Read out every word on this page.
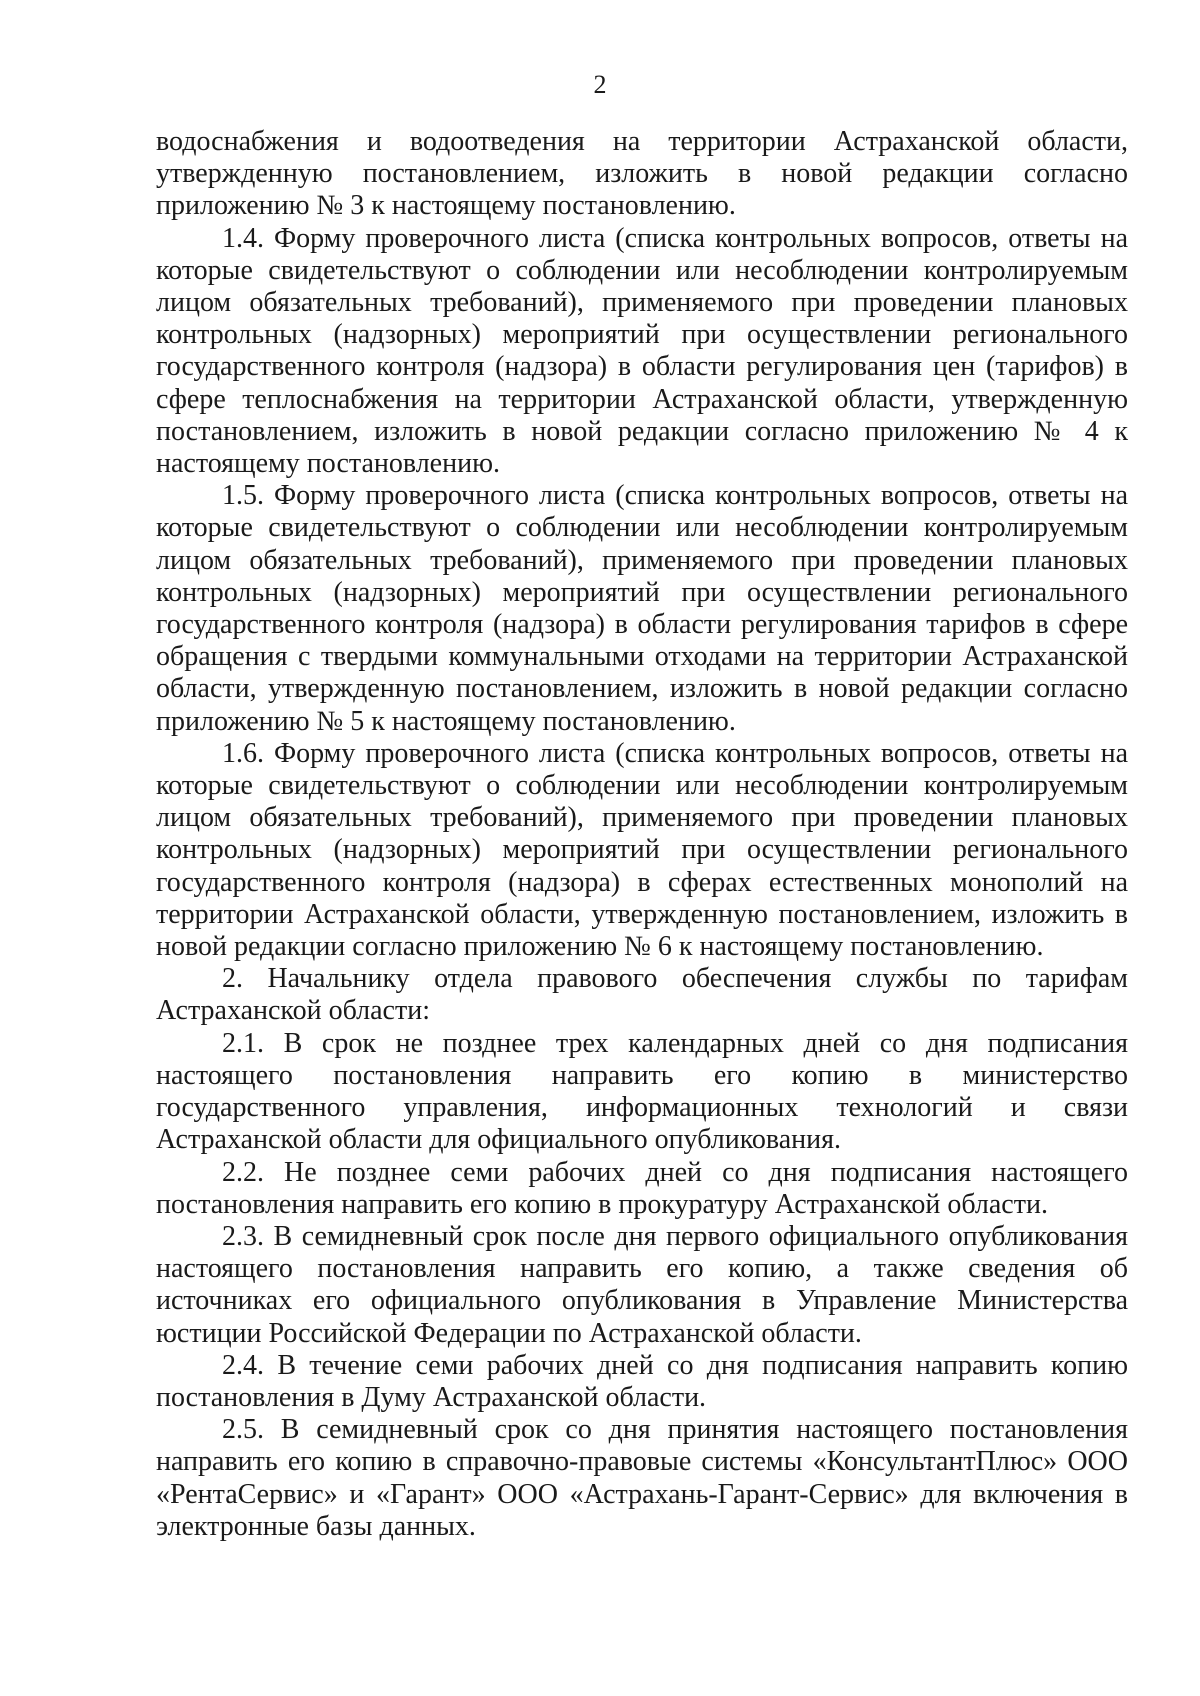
2

водоснабжения и водоотведения на территории Астраханской области, утвержденную постановлением, изложить в новой редакции согласно приложению № 3 к настоящему постановлению.

1.4. Форму проверочного листа (списка контрольных вопросов, ответы на которые свидетельствуют о соблюдении или несоблюдении контролируемым лицом обязательных требований), применяемого при проведении плановых контрольных (надзорных) мероприятий при осуществлении регионального государственного контроля (надзора) в области регулирования цен (тарифов) в сфере теплоснабжения на территории Астраханской области, утвержденную постановлением, изложить в новой редакции согласно приложению № 4 к настоящему постановлению.

1.5. Форму проверочного листа (списка контрольных вопросов, ответы на которые свидетельствуют о соблюдении или несоблюдении контролируемым лицом обязательных требований), применяемого при проведении плановых контрольных (надзорных) мероприятий при осуществлении регионального государственного контроля (надзора) в области регулирования тарифов в сфере обращения с твердыми коммунальными отходами на территории Астраханской области, утвержденную постановлением, изложить в новой редакции согласно приложению № 5 к настоящему постановлению.

1.6. Форму проверочного листа (списка контрольных вопросов, ответы на которые свидетельствуют о соблюдении или несоблюдении контролируемым лицом обязательных требований), применяемого при проведении плановых контрольных (надзорных) мероприятий при осуществлении регионального государственного контроля (надзора) в сферах естественных монополий на территории Астраханской области, утвержденную постановлением, изложить в новой редакции согласно приложению № 6 к настоящему постановлению.

2. Начальнику отдела правового обеспечения службы по тарифам Астраханской области:

2.1. В срок не позднее трех календарных дней со дня подписания настоящего постановления направить его копию в министерство государственного управления, информационных технологий и связи Астраханской области для официального опубликования.

2.2. Не позднее семи рабочих дней со дня подписания настоящего постановления направить его копию в прокуратуру Астраханской области.

2.3. В семидневный срок после дня первого официального опубликования настоящего постановления направить его копию, а также сведения об источниках его официального опубликования в Управление Министерства юстиции Российской Федерации по Астраханской области.

2.4. В течение семи рабочих дней со дня подписания направить копию постановления в Думу Астраханской области.

2.5. В семидневный срок со дня принятия настоящего постановления направить его копию в справочно-правовые системы «КонсультантПлюс» ООО «РентаСервис» и «Гарант» ООО «Астрахань-Гарант-Сервис» для включения в электронные базы данных.
